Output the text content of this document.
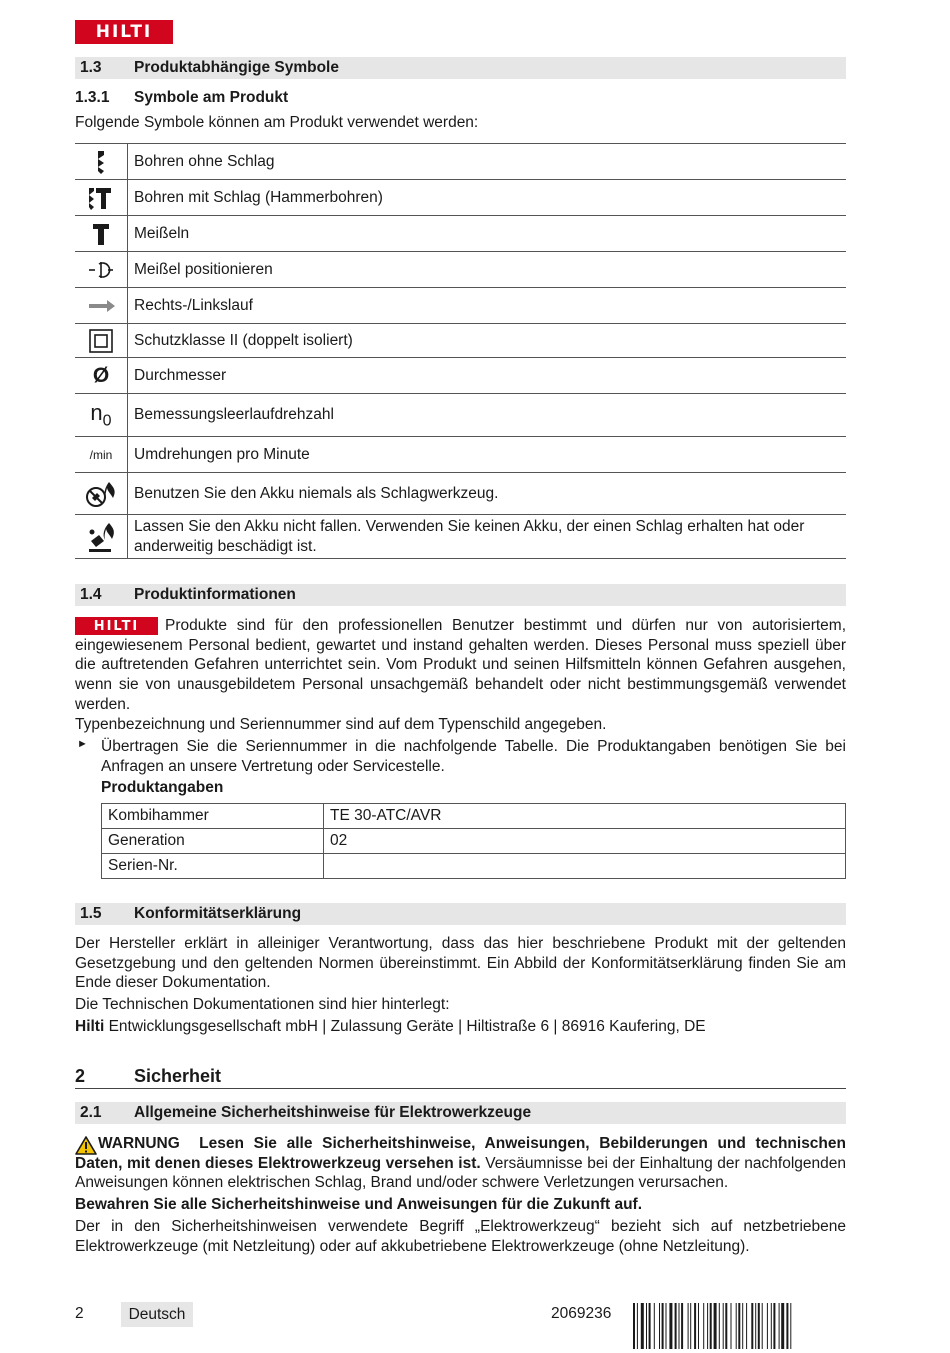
HILTI
1.3 Produktabhängige Symbole
1.3.1 Symbole am Produkt
Folgende Symbole können am Produkt verwendet werden:
	Bohren ohne Schlag

	Bohren mit Schlag (Hammerbohren)

	Meißeln

	Meißel positionieren

	Rechts-/Linkslauf

	Schutzklasse II (doppelt isoliert)
Ø	Durchmesser
$n_0$	Bemessungsleerlaufdrehzahl
/min	Umdrehungen pro Minute

	Benutzen Sie den Akku niemals als Schlagwerkzeug.

	Lassen Sie den Akku nicht fallen. Verwenden Sie keinen Akku, der einen Schlag erhalten hat oder anderweitig beschädigt ist.
1.4 Produktinformationen
HILTI	Produkte sind für den professionellen Benutzer bestimmt und dürfen nur von autorisiertem, eingewiesenem Personal bedient, gewartet und instand gehalten werden. Dieses Personal muss speziell über die auftretenden Gefahren unterrichtet sein. Vom Produkt und seinen Hilfsmitteln können Gefahren ausgehen, wenn sie von unausgebildetem Personal unsachgemäß behandelt oder nicht bestimmungsgemäß verwendet werden.
Typenbezeichnung und Seriennummer sind auf dem Typenschild angegeben.
► Übertragen Sie die Seriennummer in die nachfolgende Tabelle. Die Produktangaben benötigen Sie bei Anfragen an unsere Vertretung oder Servicestelle.
Produktangaben
Kombihammer	TE 30-ATC/AVR
Generation	02
Serien-Nr.	
1.5 Konformitätserklärung
Der Hersteller erklärt in alleiniger Verantwortung, dass das hier beschriebene Produkt mit der geltenden Gesetzgebung und den geltenden Normen übereinstimmt. Ein Abbild der Konformitätserklärung finden Sie am Ende dieser Dokumentation.
Die Technischen Dokumentationen sind hier hinterlegt:
Hilti Entwicklungsgesellschaft mbH | Zulassung Geräte | Hiltistraße 6 | 86916 Kaufering, DE
2	Sicherheit
2.1 Allgemeine Sicherheitshinweise für Elektrowerkzeuge
WARNUNG Lesen Sie alle Sicherheitshinweise, Anweisungen, Bebilderungen und technischen Daten, mit denen dieses Elektrowerkzeug versehen ist. Versäumnisse bei der Einhaltung der nachfolgenden Anweisungen können elektrischen Schlag, Brand und/oder schwere Verletzungen verursachen.
Bewahren Sie alle Sicherheitshinweise und Anweisungen für die Zukunft auf.
Der in den Sicherheitshinweisen verwendete Begriff „Elektrowerkzeug“ bezieht sich auf netzbetriebene Elektrowerkzeuge (mit Netzleitung) oder auf akkubetriebene Elektrowerkzeuge (ohne Netzleitung).
2	Deutsch	2069236
